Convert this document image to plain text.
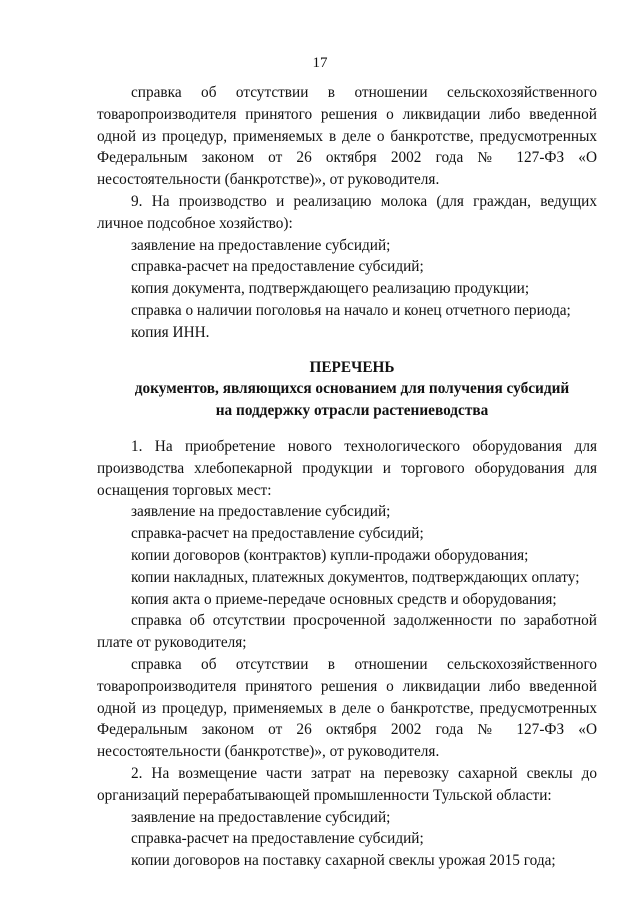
17

справка об отсутствии в отношении сельскохозяйственного товаропроизводителя принятого решения о ликвидации либо введенной одной из процедур, применяемых в деле о банкротстве, предусмотренных Федеральным законом от 26 октября 2002 года № 127-ФЗ «О несостоятельности (банкротстве)», от руководителя.

9. На производство и реализацию молока (для граждан, ведущих личное подсобное хозяйство):

заявление на предоставление субсидий;

справка-расчет на предоставление субсидий;

копия документа, подтверждающего реализацию продукции;

справка о наличии поголовья на начало и конец отчетного периода;

копия ИНН.

ПЕРЕЧЕНЬ

документов, являющихся основанием для получения субсидий

на поддержку отрасли растениеводства

1. На приобретение нового технологического оборудования для производства хлебопекарной продукции и торгового оборудования для оснащения торговых мест:

заявление на предоставление субсидий;

справка-расчет на предоставление субсидий;

копии договоров (контрактов) купли-продажи оборудования;

копии накладных, платежных документов, подтверждающих оплату;

копия акта о приеме-передаче основных средств и оборудования;

справка об отсутствии просроченной задолженности по заработной плате от руководителя;

справка об отсутствии в отношении сельскохозяйственного товаропроизводителя принятого решения о ликвидации либо введенной одной из процедур, применяемых в деле о банкротстве, предусмотренных Федеральным законом от 26 октября 2002 года № 127-ФЗ «О несостоятельности (банкротстве)», от руководителя.

2. На возмещение части затрат на перевозку сахарной свеклы до организаций перерабатывающей промышленности Тульской области:

заявление на предоставление субсидий;

справка-расчет на предоставление субсидий;

копии договоров на поставку сахарной свеклы урожая 2015 года;
